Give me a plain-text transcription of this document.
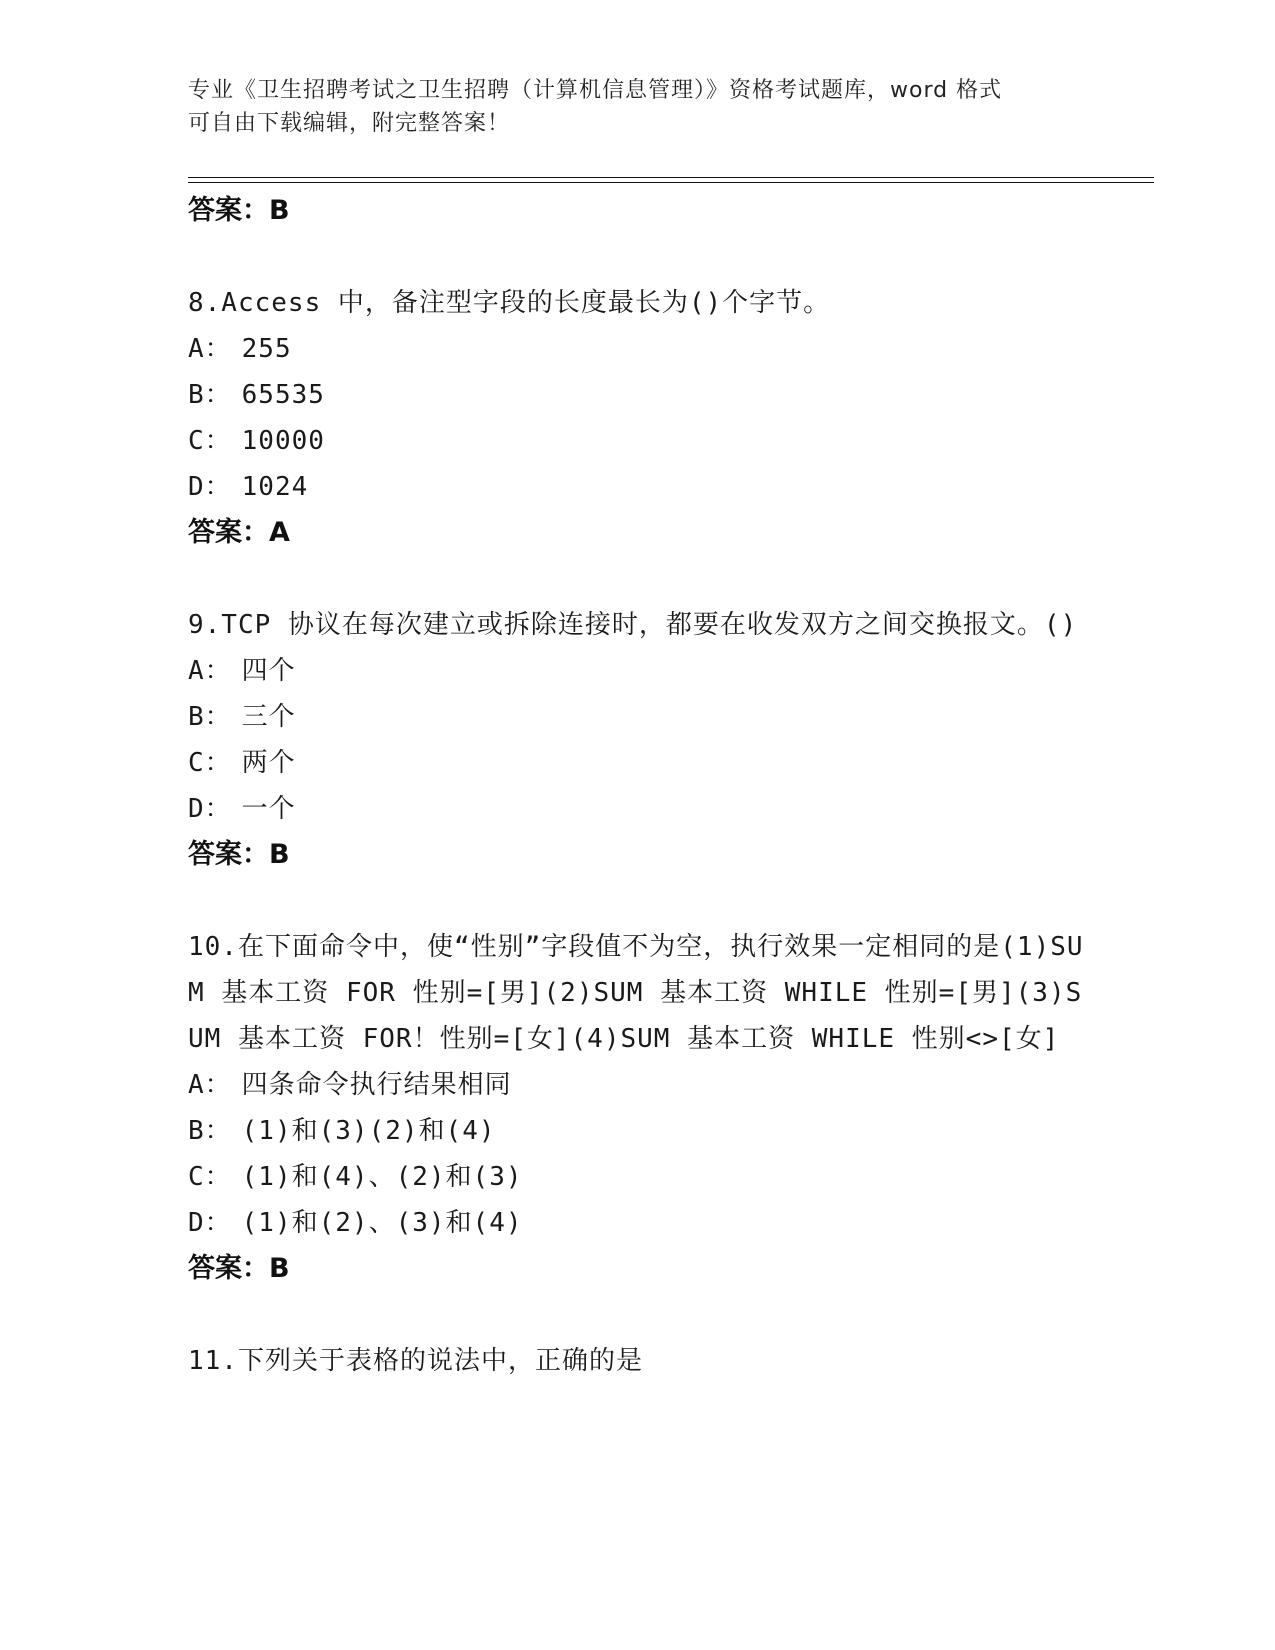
专业《卫生招聘考试之卫生招聘（计算机信息管理）》资格考试题库，word 格式
可自由下载编辑，附完整答案！

答案：B

8.Access 中，备注型字段的长度最长为()个字节。

A： 255

B： 65535

C： 10000

D： 1024

答案：A

9.TCP 协议在每次建立或拆除连接时，都要在收发双方之间交换报文。()

A： 四个

B： 三个

C： 两个

D： 一个

答案：B

10.在下面命令中，使“性别”字段值不为空，执行效果一定相同的是(1)SUM 基本工资 FOR 性别=[男](2)SUM 基本工资 WHILE 性别=[男](3)SUM 基本工资 FOR！性别=[女](4)SUM 基本工资 WHILE 性别<>[女]

A： 四条命令执行结果相同

B： (1)和(3)(2)和(4)

C： (1)和(4)、(2)和(3)

D： (1)和(2)、(3)和(4)

答案：B

11.下列关于表格的说法中，正确的是
